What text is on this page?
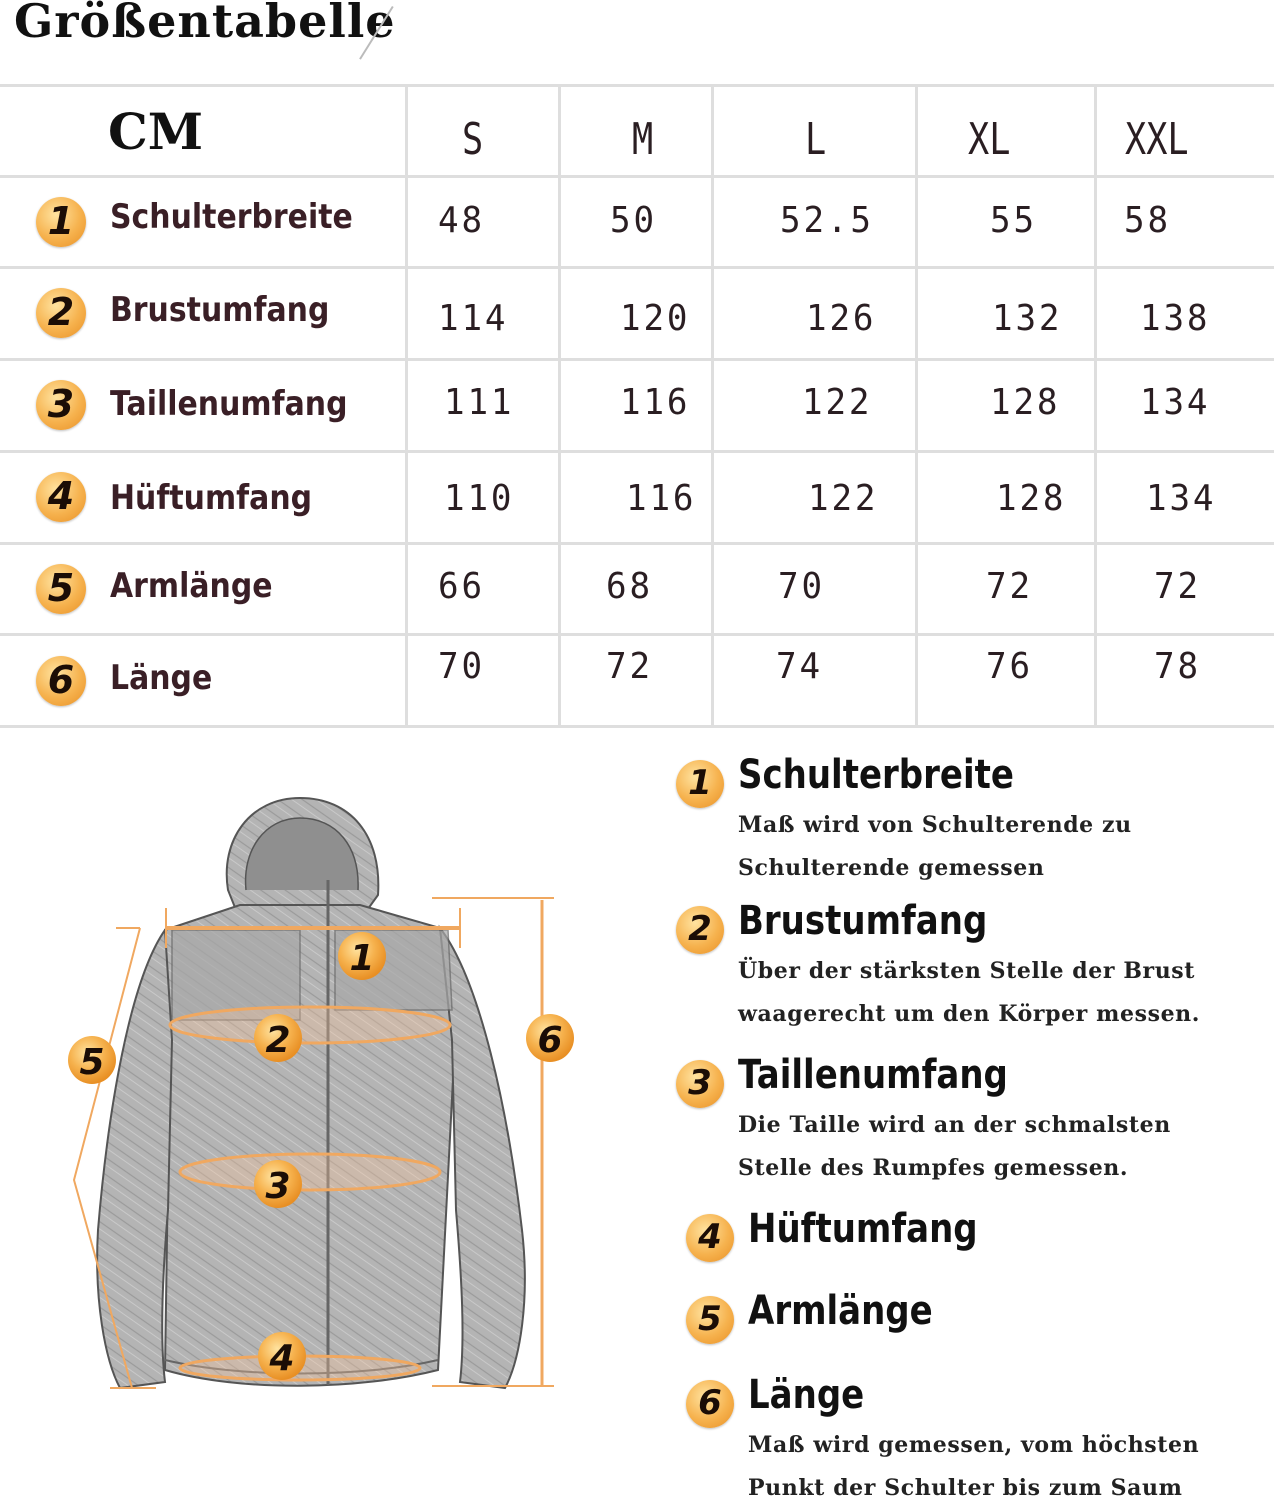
Größentabelle
CM	S	M	L	XL	XXL
1	Schulterbreite 48	50	52.5	55 58
2	Brustumfang	114	120	126	132 138
3	Taillenumfang	111	116	122	128 134
4	Hüftumfang	110	116	122	128 134
5	Armlänge	66	68	70	72	72
6	Länge	70	72	74	76	78
1
2
3
4
5
6
1 Schulterbreite
Maß wird von Schulterende zu Schulterende gemessen
2 Brustumfang
Über der stärksten Stelle der Brust waagerecht um den Körper messen.
3 Taillenumfang
Die Taille wird an der schmalsten Stelle des Rumpfes gemessen.
4 Hüftumfang
5 Armlänge
6 Länge
Maß wird gemessen, vom höchsten Punkt der Schulter bis zum Saum
